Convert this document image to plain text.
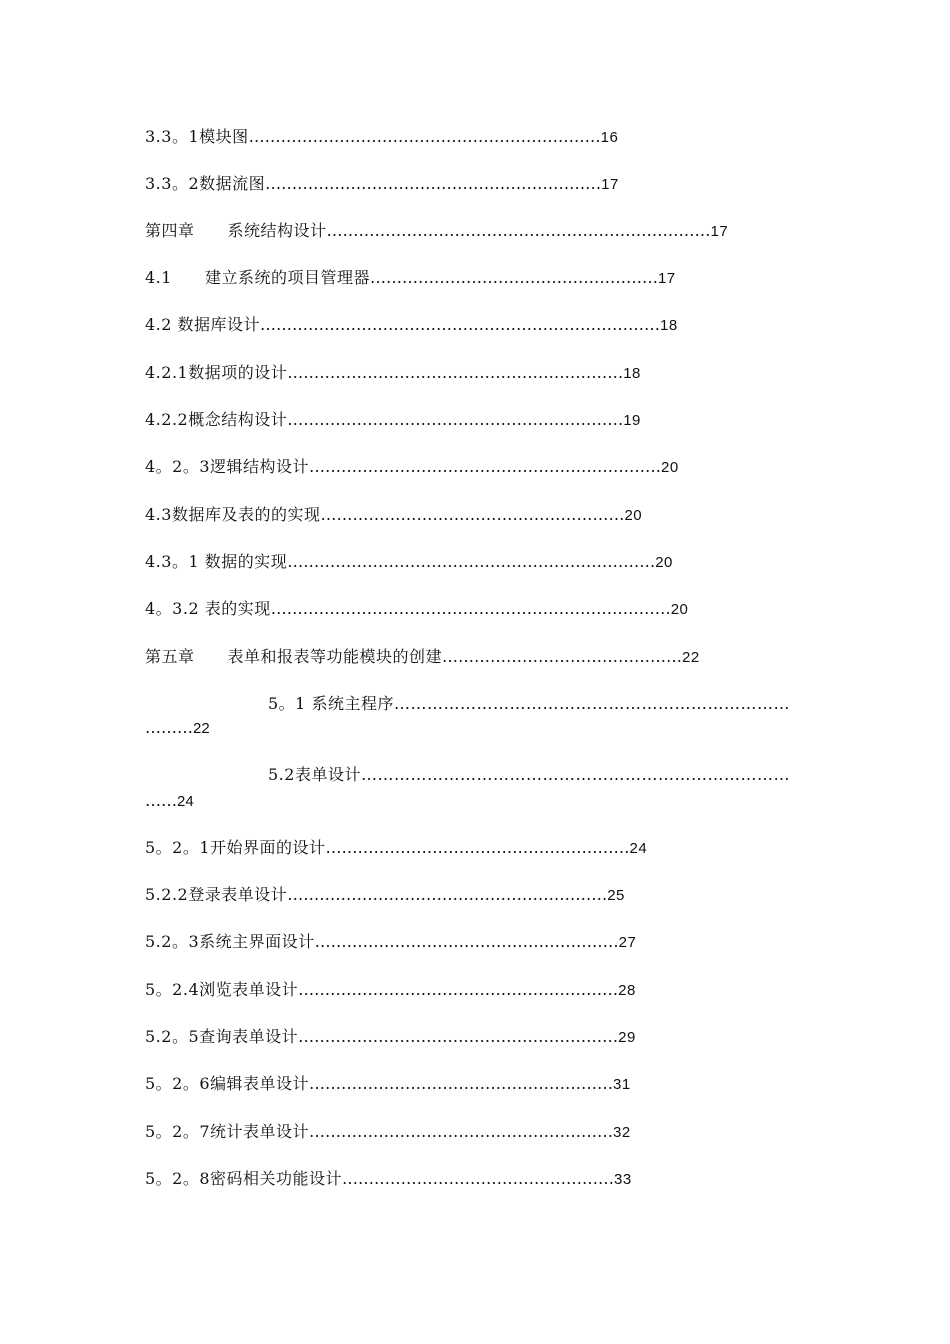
3.3。1模块图…………………………………………………………16
3.3。2数据流图………………………………………………………17
第四章　　系统结构设计………………………………………………………………17
4.1　　建立系统的项目管理器………………………………………………17
4.2 数据库设计…………………………………………………………………18
4.2.1数据项的设计………………………………………………………18
4.2.2概念结构设计………………………………………………………19
4。2。3逻辑结构设计…………………………………………………………20
4.3数据库及表的的实现…………………………………………………20
4.3。1 数据的实现……………………………………………………………20
4。3.2 表的实现…………………………………………………………………20
第五章　　表单和报表等功能模块的创建………………………………………22
5。1 系统主程序………………………………………………………………
………22
5.2表单设计……………………………………………………………………
……24
5。2。1开始界面的设计…………………………………………………24
5.2.2登录表单设计……………………………………………………25
5.2。3系统主界面设计…………………………………………………27
5。2.4浏览表单设计……………………………………………………28
5.2。5查询表单设计……………………………………………………29
5。2。6编辑表单设计…………………………………………………31
5。2。7统计表单设计…………………………………………………32
5。2。8密码相关功能设计……………………………………………33
